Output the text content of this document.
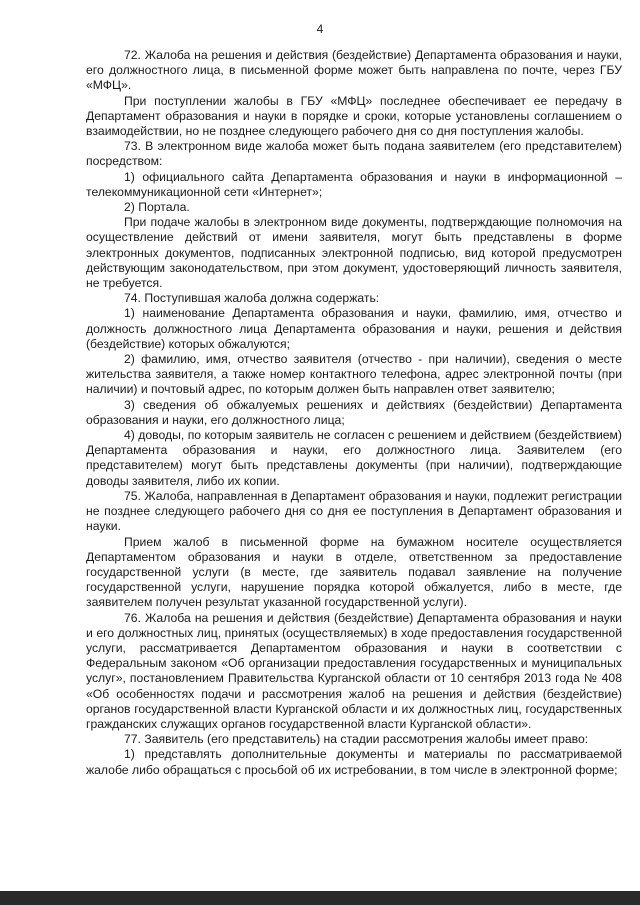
4

72. Жалоба на решения и действия (бездействие) Департамента образования и науки, его должностного лица, в письменной форме может быть направлена по почте, через ГБУ «МФЦ».

При поступлении жалобы в ГБУ «МФЦ» последнее обеспечивает ее передачу в Департамент образования и науки в порядке и сроки, которые установлены соглашением о взаимодействии, но не позднее следующего рабочего дня со дня поступления жалобы.

73. В электронном виде жалоба может быть подана заявителем (его представителем) посредством:

1) официального сайта Департамента образования и науки в информационной – телекоммуникационной сети «Интернет»;

2) Портала.

При подаче жалобы в электронном виде документы, подтверждающие полномочия на осуществление действий от имени заявителя, могут быть представлены в форме электронных документов, подписанных электронной подписью, вид которой предусмотрен действующим законодательством, при этом документ, удостоверяющий личность заявителя, не требуется.

74. Поступившая жалоба должна содержать:

1) наименование Департамента образования и науки, фамилию, имя, отчество и должность должностного лица Департамента образования и науки, решения и действия (бездействие) которых обжалуются;

2) фамилию, имя, отчество заявителя (отчество - при наличии), сведения о месте жительства заявителя, а также номер контактного телефона, адрес электронной почты (при наличии) и почтовый адрес, по которым должен быть направлен ответ заявителю;

3) сведения об обжалуемых решениях и действиях (бездействии) Департамента образования и науки, его должностного лица;

4) доводы, по которым заявитель не согласен с решением и действием (бездействием) Департамента образования и науки, его должностного лица. Заявителем (его представителем) могут быть представлены документы (при наличии), подтверждающие доводы заявителя, либо их копии.

75. Жалоба, направленная в Департамент образования и науки, подлежит регистрации не позднее следующего рабочего дня со дня ее поступления в Департамент образования и науки.

Прием жалоб в письменной форме на бумажном носителе осуществляется Департаментом образования и науки в отделе, ответственном за предоставление государственной услуги (в месте, где заявитель подавал заявление на получение государственной услуги, нарушение порядка которой обжалуется, либо в месте, где заявителем получен результат указанной государственной услуги).

76. Жалоба на решения и действия (бездействие) Департамента образования и науки и его должностных лиц, принятых (осуществляемых) в ходе предоставления государственной услуги, рассматривается Департаментом образования и науки в соответствии с Федеральным законом «Об организации предоставления государственных и муниципальных услуг», постановлением Правительства Курганской области от 10 сентября 2013 года № 408 «Об особенностях подачи и рассмотрения жалоб на решения и действия (бездействие) органов государственной власти Курганской области и их должностных лиц, государственных гражданских служащих органов государственной власти Курганской области».

77. Заявитель (его представитель) на стадии рассмотрения жалобы имеет право:

1) представлять дополнительные документы и материалы по рассматриваемой жалобе либо обращаться с просьбой об их истребовании, в том числе в электронной форме;
